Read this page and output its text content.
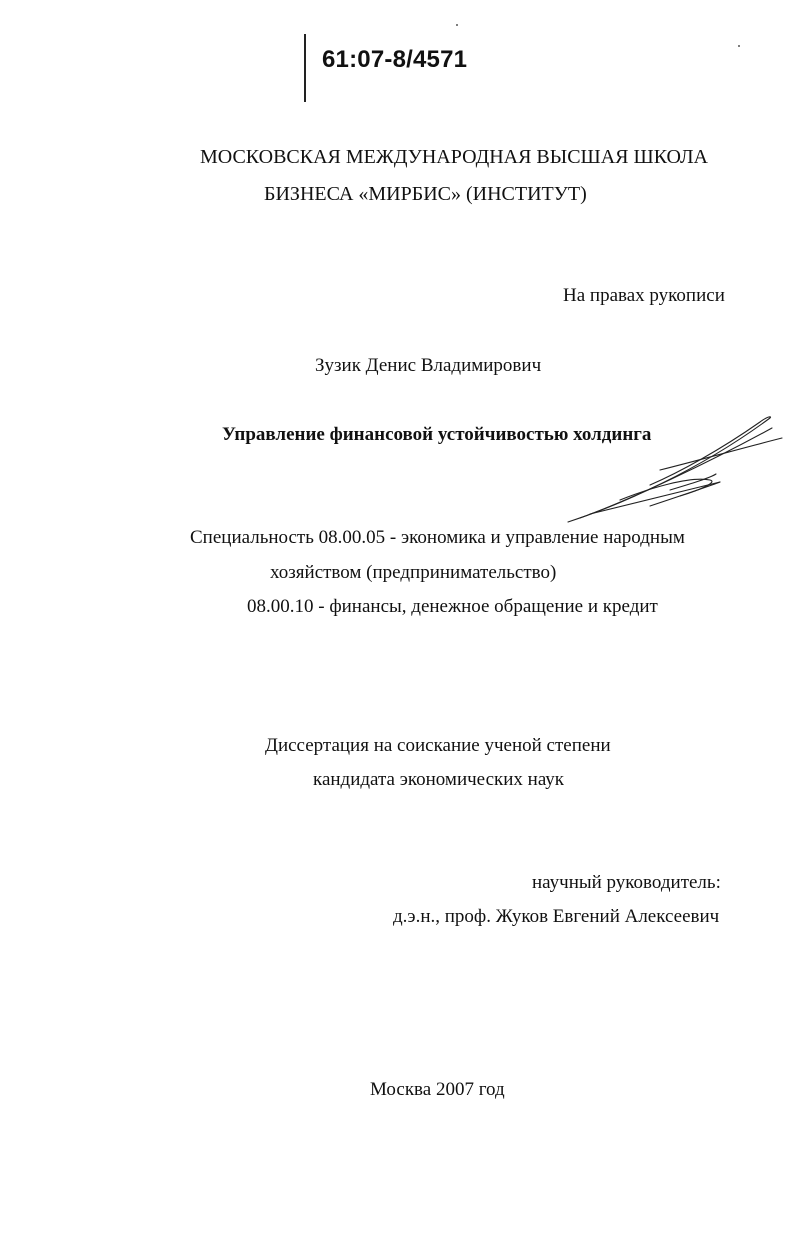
61:07-8/4571
МОСКОВСКАЯ МЕЖДУНАРОДНАЯ ВЫСШАЯ ШКОЛА
БИЗНЕСА «МИРБИС» (ИНСТИТУТ)
На правах рукописи
Зузик Денис Владимирович
Управление финансовой устойчивостью холдинга
Специальность 08.00.05 - экономика и управление народным
хозяйством (предпринимательство)
08.00.10 - финансы, денежное обращение и кредит
Диссертация на соискание ученой степени
кандидата экономических наук
научный руководитель:
д.э.н., проф. Жуков Евгений Алексеевич
Москва 2007 год
